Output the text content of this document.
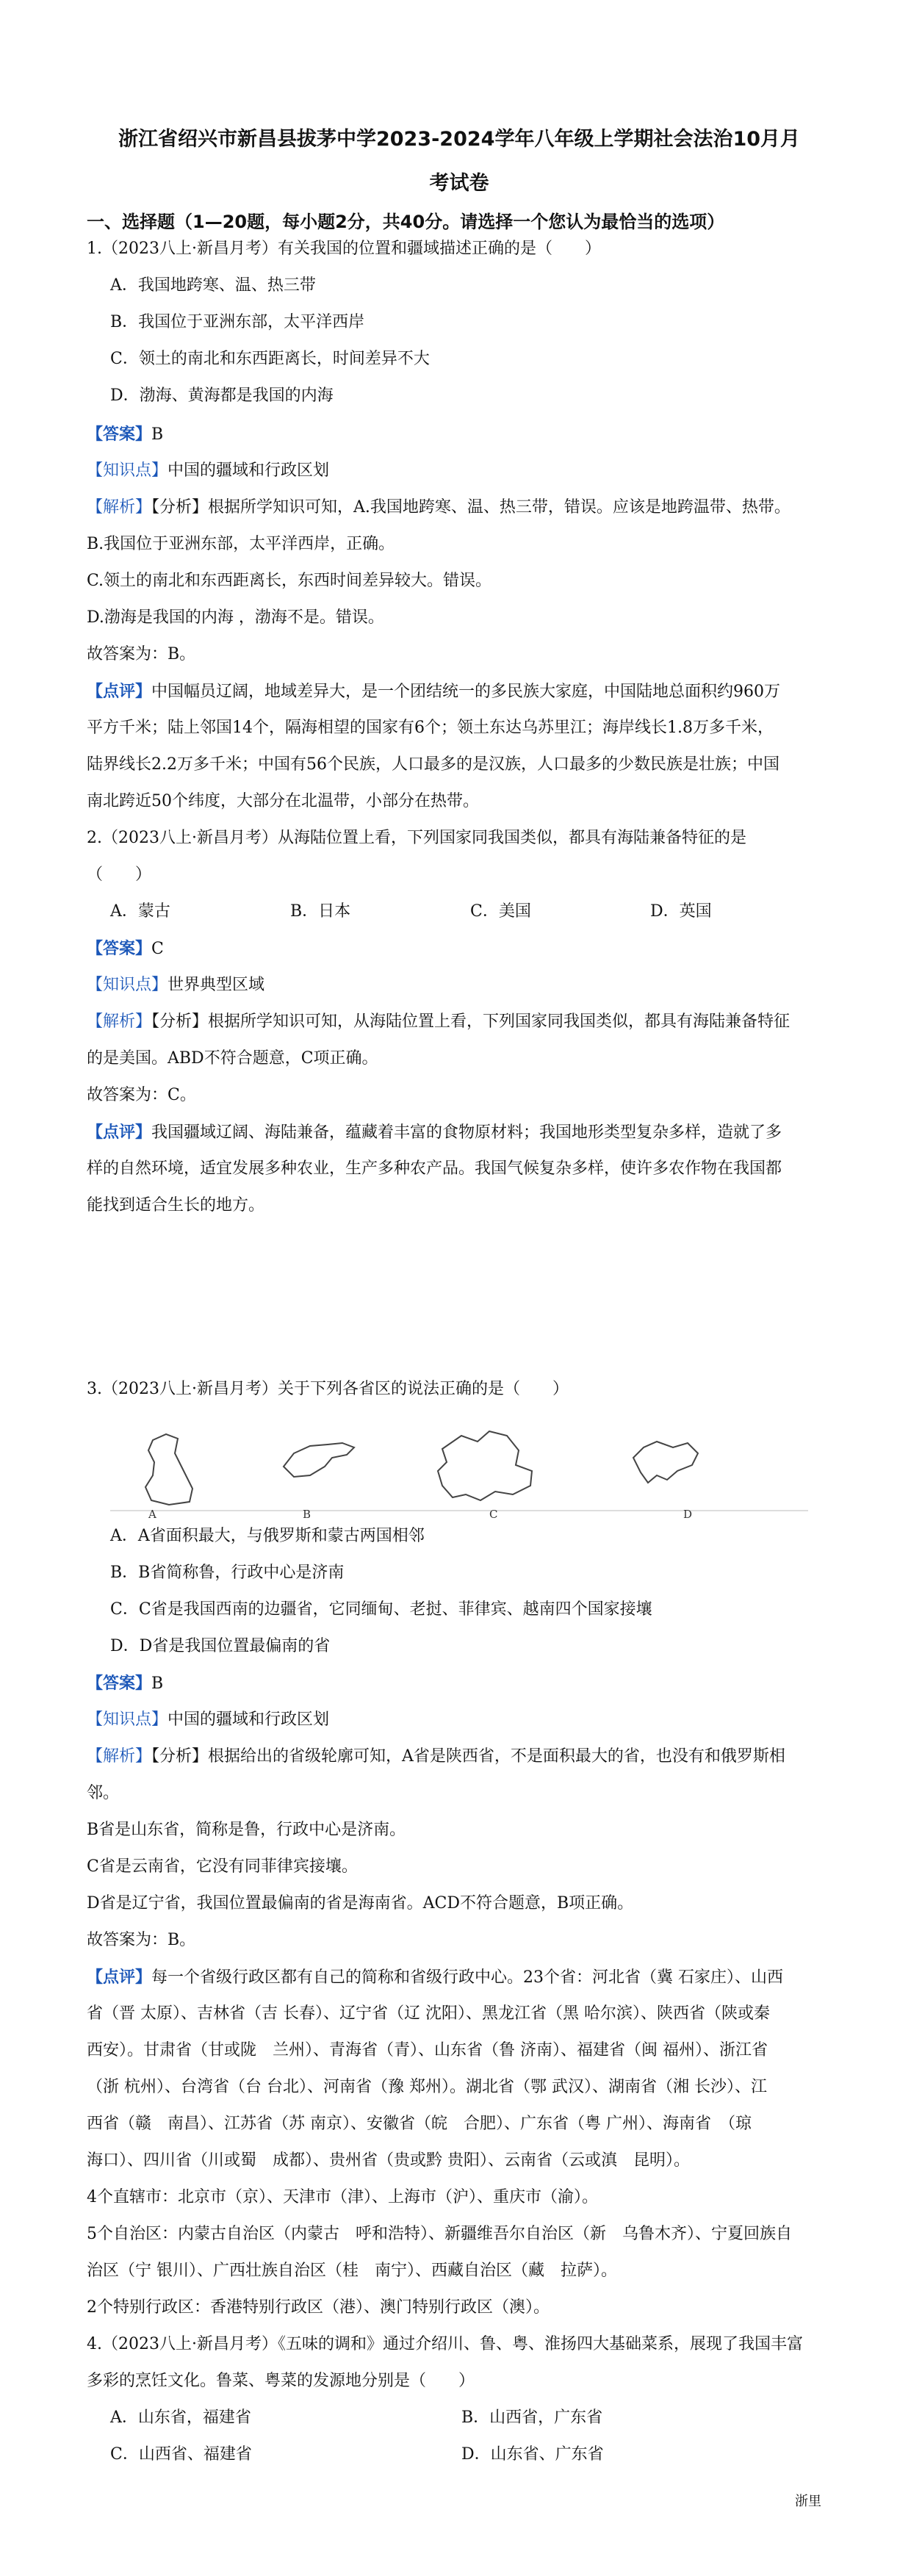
浙江省绍兴市新昌县拔茅中学2023-2024学年八年级上学期社会法治10月月
考试卷
一、选择题（1—20题，每小题2分，共40分。请选择一个您认为最恰当的选项）
1.（2023八上·新昌月考）有关我国的位置和疆域描述正确的是（　　）
A．我国地跨寒、温、热三带
B．我国位于亚洲东部，太平洋西岸
C．领土的南北和东西距离长，时间差异不大
D．渤海、黄海都是我国的内海
【答案】B
【知识点】中国的疆域和行政区划
【解析】【分析】根据所学知识可知，A.我国地跨寒、温、热三带，错误。应该是地跨温带、热带。
B.我国位于亚洲东部，太平洋西岸，正确。
C.领土的南北和东西距离长，东西时间差异较大。错误。
D.渤海是我国的内海 ，渤海不是。错误。
故答案为：B。
【点评】中国幅员辽阔，地域差异大，是一个团结统一的多民族大家庭，中国陆地总面积约960万
平方千米；陆上邻国14个，隔海相望的国家有6个；领土东达乌苏里江；海岸线长1.8万多千米，
陆界线长2.2万多千米；中国有56个民族，人口最多的是汉族，人口最多的少数民族是壮族；中国
南北跨近50个纬度，大部分在北温带，小部分在热带。
2.（2023八上·新昌月考）从海陆位置上看，下列国家同我国类似，都具有海陆兼备特征的是
（　　）
A．蒙古	B．日本	C．美国	D．英国
【答案】C
【知识点】世界典型区域
【解析】【分析】根据所学知识可知，从海陆位置上看，下列国家同我国类似，都具有海陆兼备特征
的是美国。ABD不符合题意，C项正确。
故答案为：C。
【点评】我国疆域辽阔、海陆兼备，蕴藏着丰富的食物原材料；我国地形类型复杂多样，造就了多
样的自然环境，适宜发展多种农业，生产多种农产品。我国气候复杂多样，使许多农作物在我国都
能找到适合生长的地方。
3.（2023八上·新昌月考）关于下列各省区的说法正确的是（　　）
A	B	C	D
A．A省面积最大，与俄罗斯和蒙古两国相邻
B．B省简称鲁，行政中心是济南
C．C省是我国西南的边疆省，它同缅甸、老挝、菲律宾、越南四个国家接壤
D．D省是我国位置最偏南的省
【答案】B
【知识点】中国的疆域和行政区划
【解析】【分析】根据给出的省级轮廓可知，A省是陕西省，不是面积最大的省，也没有和俄罗斯相
邻。
B省是山东省，简称是鲁，行政中心是济南。
C省是云南省，它没有同菲律宾接壤。
D省是辽宁省，我国位置最偏南的省是海南省。ACD不符合题意，B项正确。
故答案为：B。
【点评】每一个省级行政区都有自己的简称和省级行政中心。23个省：河北省（冀 石家庄）、山西
省（晋 太原）、吉林省（吉 长春）、辽宁省（辽 沈阳）、黑龙江省（黑 哈尔滨）、陕西省（陕或秦
西安）。甘肃省（甘或陇　兰州）、青海省（青）、山东省（鲁 济南）、福建省（闽 福州）、浙江省
（浙 杭州）、台湾省（台 台北）、河南省（豫 郑州）。湖北省（鄂 武汉）、湖南省（湘 长沙）、江
西省（赣　南昌）、江苏省（苏 南京）、安徽省（皖　合肥）、广东省（粤 广州）、海南省　（琼
海口）、四川省（川或蜀　成都）、贵州省（贵或黔 贵阳）、云南省（云或滇　昆明）。
4个直辖市：北京市（京）、天津市（津）、上海市（沪）、重庆市（渝）。
5个自治区：内蒙古自治区（内蒙古　呼和浩特）、新疆维吾尔自治区（新　乌鲁木齐）、宁夏回族自
治区（宁 银川）、广西壮族自治区（桂　南宁）、西藏自治区（藏　拉萨）。
2个特别行政区：香港特别行政区（港）、澳门特别行政区（澳）。
4.（2023八上·新昌月考）《五味的调和》通过介绍川、鲁、粤、淮扬四大基础菜系，展现了我国丰富
多彩的烹饪文化。鲁菜、粤菜的发源地分别是（　　）
A．山东省，福建省	B．山西省，广东省
C．山西省、福建省	D．山东省、广东省
浙里
